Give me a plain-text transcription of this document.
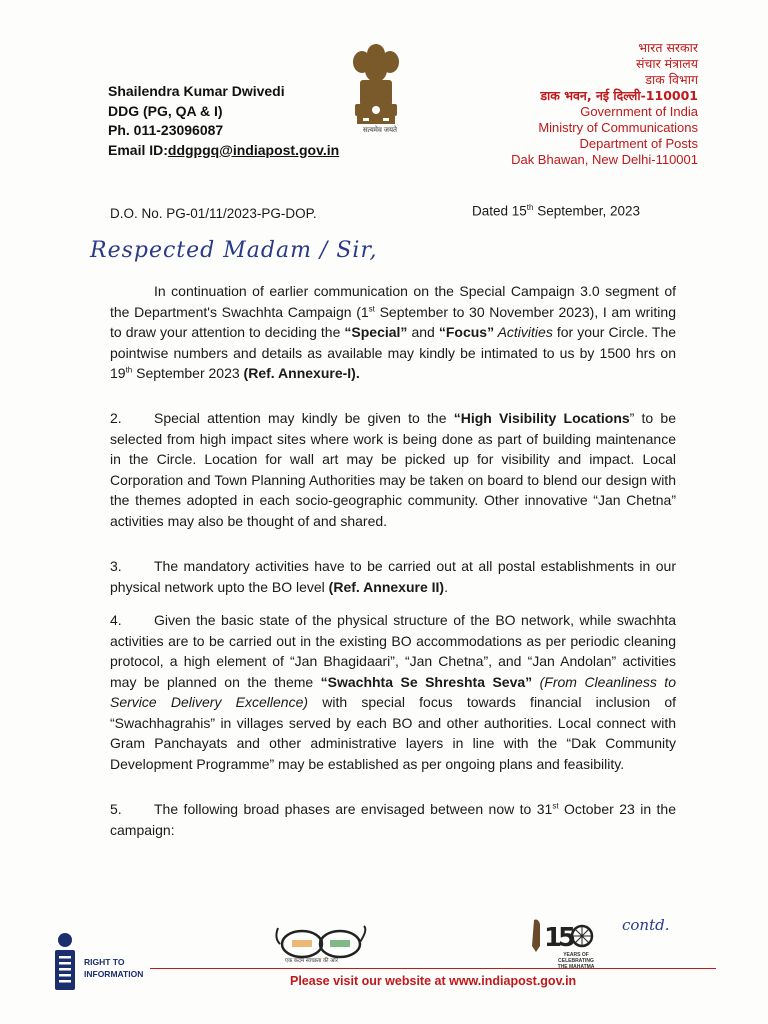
Shailendra Kumar Dwivedi
DDG (PG, QA & I)
Ph. 011-23096087
Email ID:ddgpgq@indiapost.gov.in
सत्यमेव जयते
भारत सरकार
संचार मंत्रालय
डाक विभाग
डाक भवन, नई दिल्ली-110001
Government of India
Ministry of Communications
Department of Posts
Dak Bhawan, New Delhi-110001
D.O. No. PG-01/11/2023-PG-DOP.	Dated 15th September, 2023
Respected Madam / Sir,
In continuation of earlier communication on the Special Campaign 3.0 segment of the Department's Swachhta Campaign (1st September to 30 November 2023), I am writing to draw your attention to deciding the “Special” and “Focus” Activities for your Circle. The pointwise numbers and details as available may kindly be intimated to us by 1500 hrs on 19th September 2023 (Ref. Annexure-I).
2. Special attention may kindly be given to the “High Visibility Locations” to be selected from high impact sites where work is being done as part of building maintenance in the Circle. Location for wall art may be picked up for visibility and impact. Local Corporation and Town Planning Authorities may be taken on board to blend our design with the themes adopted in each socio-geographic community. Other innovative “Jan Chetna” activities may also be thought of and shared.
3. The mandatory activities have to be carried out at all postal establishments in our physical network upto the BO level (Ref. Annexure II).
4. Given the basic state of the physical structure of the BO network, while swachhta activities are to be carried out in the existing BO accommodations as per periodic cleaning protocol, a high element of “Jan Bhagidaari”, “Jan Chetna”, and “Jan Andolan” activities may be planned on the theme “Swachhta Se Shreshta Seva” (From Cleanliness to Service Delivery Excellence) with special focus towards financial inclusion of “Swachhagrahis” in villages served by each BO and other authorities. Local connect with Gram Panchayats and other administrative layers in line with the “Dak Community Development Programme” may be established as per ongoing plans and feasibility.
5. The following broad phases are envisaged between now to 31st October 23 in the campaign:
RIGHT TO
INFORMATION
एक कदम स्वच्छता की ओर
1
5
YEARS OF
CELEBRATING
THE MAHATMA
contd.
Please visit our website at www.indiapost.gov.in
